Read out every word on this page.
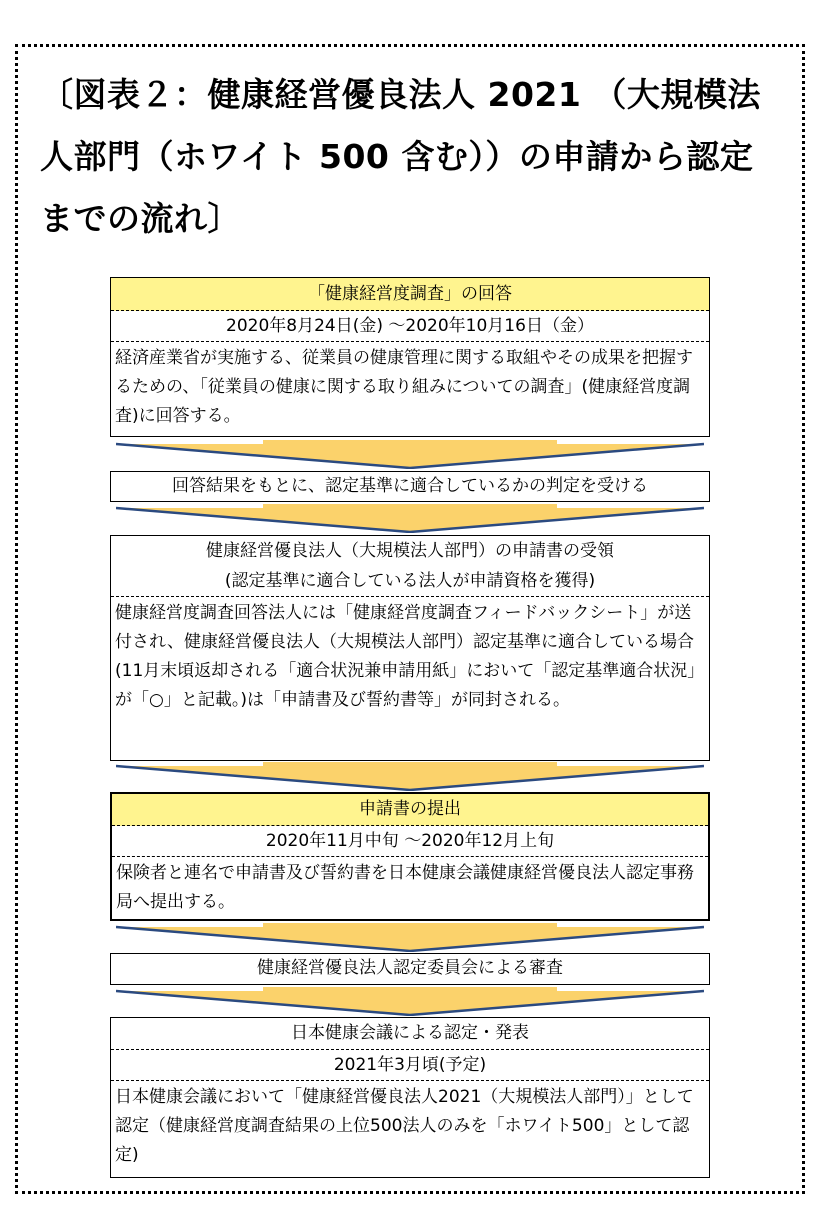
〔図表２：健康経営優良法人 2021 （大規模法人部門（ホワイト 500 含む））の申請から認定までの流れ〕
「健康経営度調査」の回答
2020年8月24日(金) ～2020年10月16日（金）
経済産業省が実施する、従業員の健康管理に関する取組やその成果を把握するための、「従業員の健康に関する取り組みについての調査」(健康経営度調査)に回答する。
回答結果をもとに、認定基準に適合しているかの判定を受ける
健康経営優良法人（大規模法人部門）の申請書の受領
(認定基準に適合している法人が申請資格を獲得)
健康経営度調査回答法人には「健康経営度調査フィードバックシート」が送付され、健康経営優良法人（大規模法人部門）認定基準に適合している場合(11月末頃返却される「適合状況兼申請用紙」において「認定基準適合状況」が「○」と記載。)は「申請書及び誓約書等」が同封される。
申請書の提出
2020年11月中旬 ～2020年12月上旬
保険者と連名で申請書及び誓約書を日本健康会議健康経営優良法人認定事務局へ提出する。
健康経営優良法人認定委員会による審査
日本健康会議による認定・発表
2021年3月頃(予定)
日本健康会議において「健康経営優良法人2021（大規模法人部門）」として認定（健康経営度調査結果の上位500法人のみを「ホワイト500」として認定)
